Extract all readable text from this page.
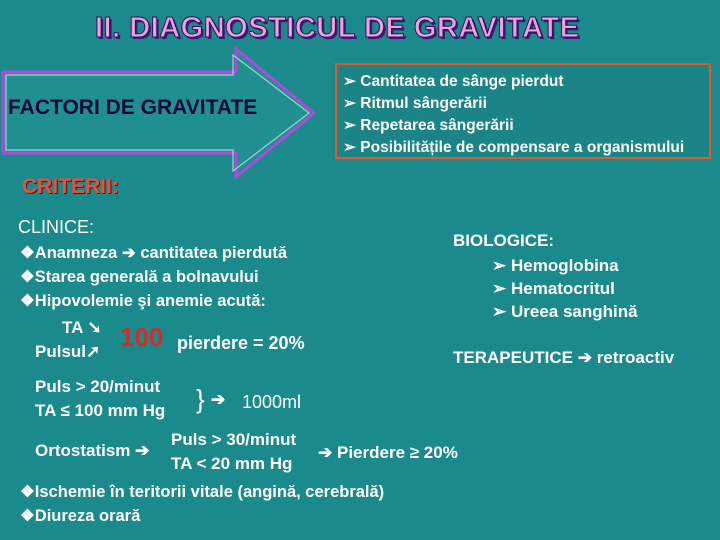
II. DIAGNOSTICUL DE GRAVITATE
FACTORI DE GRAVITATE
➢ Cantitatea de sânge pierdut
➢ Ritmul sângerării
➢ Repetarea sângerării
➢ Posibilitățile de compensare a organismului
CRITERII:
CLINICE:
❖Anamneza ➔ cantitatea pierdută
❖Starea generală a bolnavului
❖Hipovolemie şi anemie acută:
TA ➘
Pulsul➚ 100 pierdere = 20%
Puls > 20/minut
TA ≤ 100 mm Hg } ➔ 1000ml
Ortostatism ➔
Puls > 30/minut
TA < 20 mm Hg
➔ Pierdere ≥ 20%
❖Ischemie în teritorii vitale (angină, cerebrală)
❖Diureza orară
BIOLOGICE:
➢ Hemoglobina
➢ Hematocritul
➢ Ureea sanghină
TERAPEUTICE ➔ retroactiv
